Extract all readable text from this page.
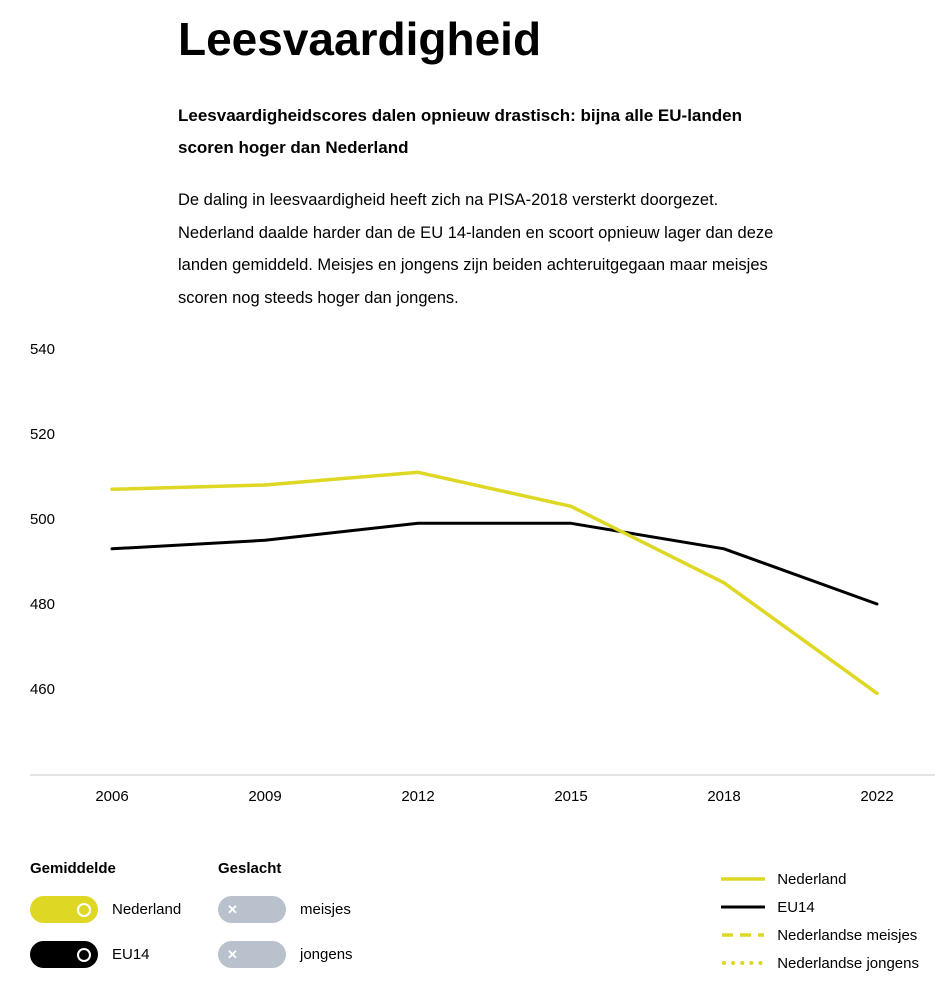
Leesvaardigheid
Leesvaardigheidscores dalen opnieuw drastisch: bijna alle EU-landen scoren hoger dan Nederland
De daling in leesvaardigheid heeft zich na PISA-2018 versterkt doorgezet. Nederland daalde harder dan de EU 14-landen en scoort opnieuw lager dan deze landen gemiddeld. Meisjes en jongens zijn beiden achteruitgegaan maar meisjes scoren nog steeds hoger dan jongens.
460
480
500
520
540
2006	2009	2012	2015	2018	2022
Gemiddelde
Nederland
EU14
Geslacht
✕	meisjes
✕	jongens
Nederland
EU14
Nederlandse meisjes
Nederlandse jongens
